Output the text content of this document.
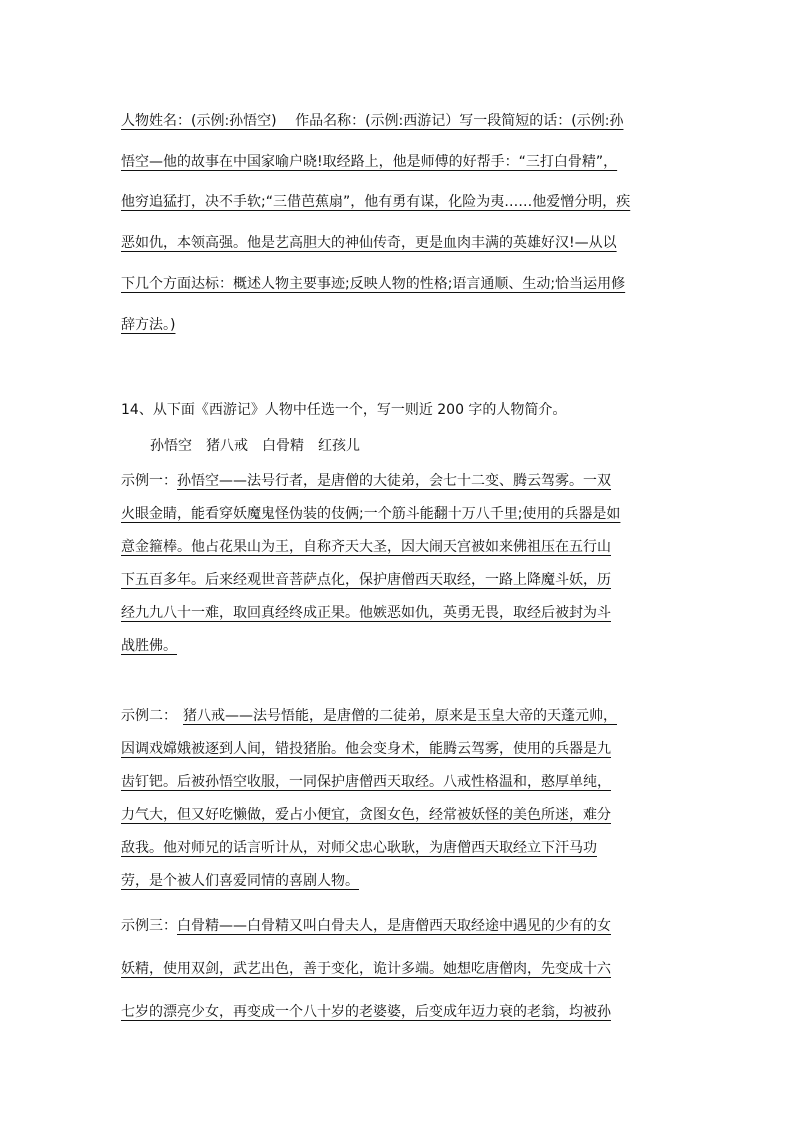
人物姓名：(示例:孙悟空)　 作品名称：(示例:西游记）写一段简短的话：(示例:孙
悟空—他的故事在中国家喻户晓!取经路上，他是师傅的好帮手：“三打白骨精”，
他穷追猛打，决不手软;“三借芭蕉扇”，他有勇有谋，化险为夷……他爱憎分明，疾
恶如仇，本领高强。他是艺高胆大的神仙传奇，更是血肉丰满的英雄好汉!—从以
下几个方面达标：概述人物主要事迹;反映人物的性格;语言通顺、生动;恰当运用修
辞方法。)
14、从下面《西游记》人物中任选一个，写一则近 200 字的人物简介。
孙悟空　猪八戒　白骨精　红孩儿
示例一：孙悟空——法号行者，是唐僧的大徒弟，会七十二变、腾云驾雾。一双
火眼金睛，能看穿妖魔鬼怪伪装的伎俩;一个筋斗能翻十万八千里;使用的兵器是如
意金箍棒。他占花果山为王，自称齐天大圣，因大闹天宫被如来佛祖压在五行山
下五百多年。后来经观世音菩萨点化，保护唐僧西天取经，一路上降魔斗妖，历
经九九八十一难，取回真经终成正果。他嫉恶如仇，英勇无畏，取经后被封为斗
战胜佛。
示例二： 猪八戒——法号悟能，是唐僧的二徒弟，原来是玉皇大帝的天蓬元帅，
因调戏嫦娥被逐到人间，错投猪胎。他会变身术，能腾云驾雾，使用的兵器是九
齿钉钯。后被孙悟空收服，一同保护唐僧西天取经。八戒性格温和，憨厚单纯，
力气大，但又好吃懒做，爱占小便宜，贪图女色，经常被妖怪的美色所迷，难分
敌我。他对师兄的话言听计从，对师父忠心耿耿，为唐僧西天取经立下汗马功
劳，是个被人们喜爱同情的喜剧人物。
示例三：白骨精——白骨精又叫白骨夫人，是唐僧西天取经途中遇见的少有的女
妖精，使用双剑，武艺出色，善于变化，诡计多端。她想吃唐僧肉，先变成十六
七岁的漂亮少女，再变成一个八十岁的老婆婆，后变成年迈力衰的老翁，均被孙
